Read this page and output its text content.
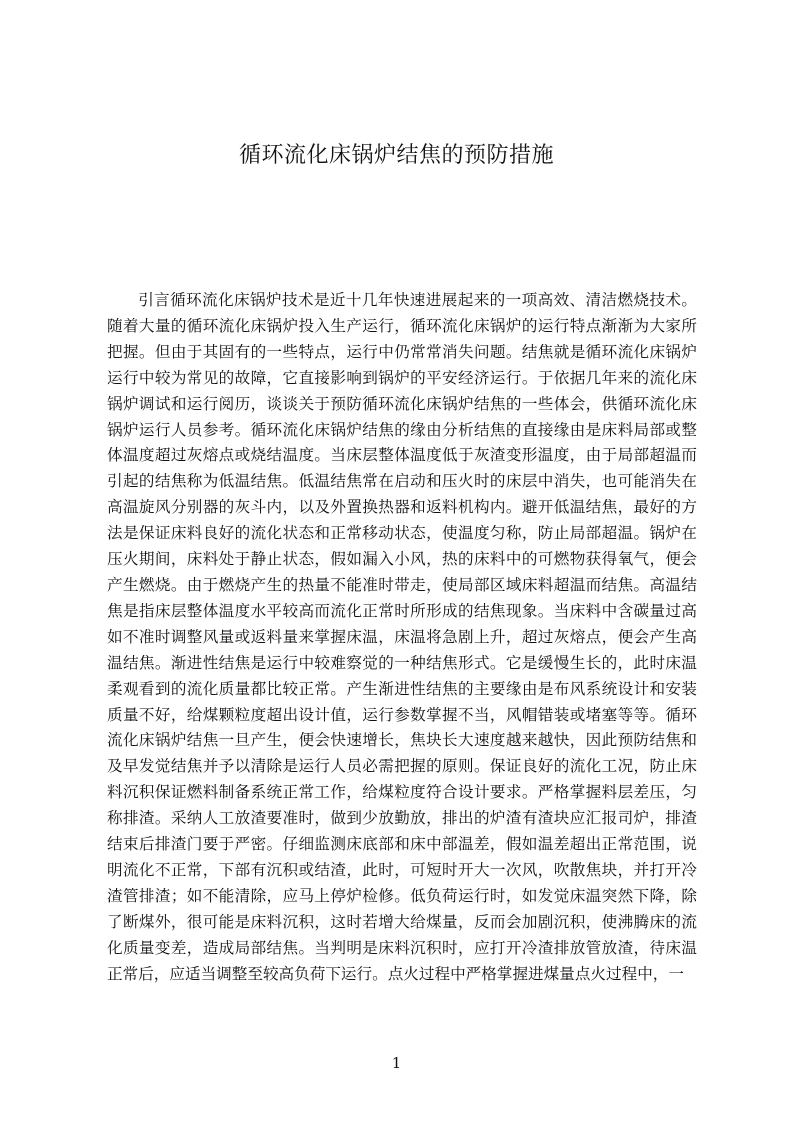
循环流化床锅炉结焦的预防措施

引言循环流化床锅炉技术是近十几年快速进展起来的一项高效、清洁燃烧技术。随着大量的循环流化床锅炉投入生产运行，循环流化床锅炉的运行特点渐渐为大家所把握。但由于其固有的一些特点，运行中仍常常消失问题。结焦就是循环流化床锅炉运行中较为常见的故障，它直接影响到锅炉的平安经济运行。于依据几年来的流化床锅炉调试和运行阅历，谈谈关于预防循环流化床锅炉结焦的一些体会，供循环流化床锅炉运行人员参考。循环流化床锅炉结焦的缘由分析结焦的直接缘由是床料局部或整体温度超过灰熔点或烧结温度。当床层整体温度低于灰渣变形温度，由于局部超温而引起的结焦称为低温结焦。低温结焦常在启动和压火时的床层中消失，也可能消失在高温旋风分别器的灰斗内，以及外置换热器和返料机构内。避开低温结焦，最好的方法是保证床料良好的流化状态和正常移动状态，使温度匀称，防止局部超温。锅炉在压火期间，床料处于静止状态，假如漏入小风，热的床料中的可燃物获得氧气，便会产生燃烧。由于燃烧产生的热量不能准时带走，使局部区域床料超温而结焦。高温结焦是指床层整体温度水平较高而流化正常时所形成的结焦现象。当床料中含碳量过高如不准时调整风量或返料量来掌握床温，床温将急剧上升，超过灰熔点，便会产生高温结焦。渐进性结焦是运行中较难察觉的一种结焦形式。它是缓慢生长的，此时床温柔观看到的流化质量都比较正常。产生渐进性结焦的主要缘由是布风系统设计和安装质量不好，给煤颗粒度超出设计值，运行参数掌握不当，风帽错装或堵塞等等。循环流化床锅炉结焦一旦产生，便会快速增长，焦块长大速度越来越快，因此预防结焦和及早发觉结焦并予以清除是运行人员必需把握的原则。保证良好的流化工况，防止床料沉积保证燃料制备系统正常工作，给煤粒度符合设计要求。严格掌握料层差压，匀称排渣。采纳人工放渣要准时，做到少放勤放，排出的炉渣有渣块应汇报司炉，排渣结束后排渣门要于严密。仔细监测床底部和床中部温差，假如温差超出正常范围，说明流化不正常，下部有沉积或结渣，此时，可短时开大一次风，吹散焦块，并打开冷渣管排渣；如不能清除，应马上停炉检修。低负荷运行时，如发觉床温突然下降，除了断煤外，很可能是床料沉积，这时若增大给煤量，反而会加剧沉积，使沸腾床的流化质量变差，造成局部结焦。当判明是床料沉积时，应打开冷渣排放管放渣，待床温正常后，应适当调整至较高负荷下运行。点火过程中严格掌握进煤量点火过程中，一

1
